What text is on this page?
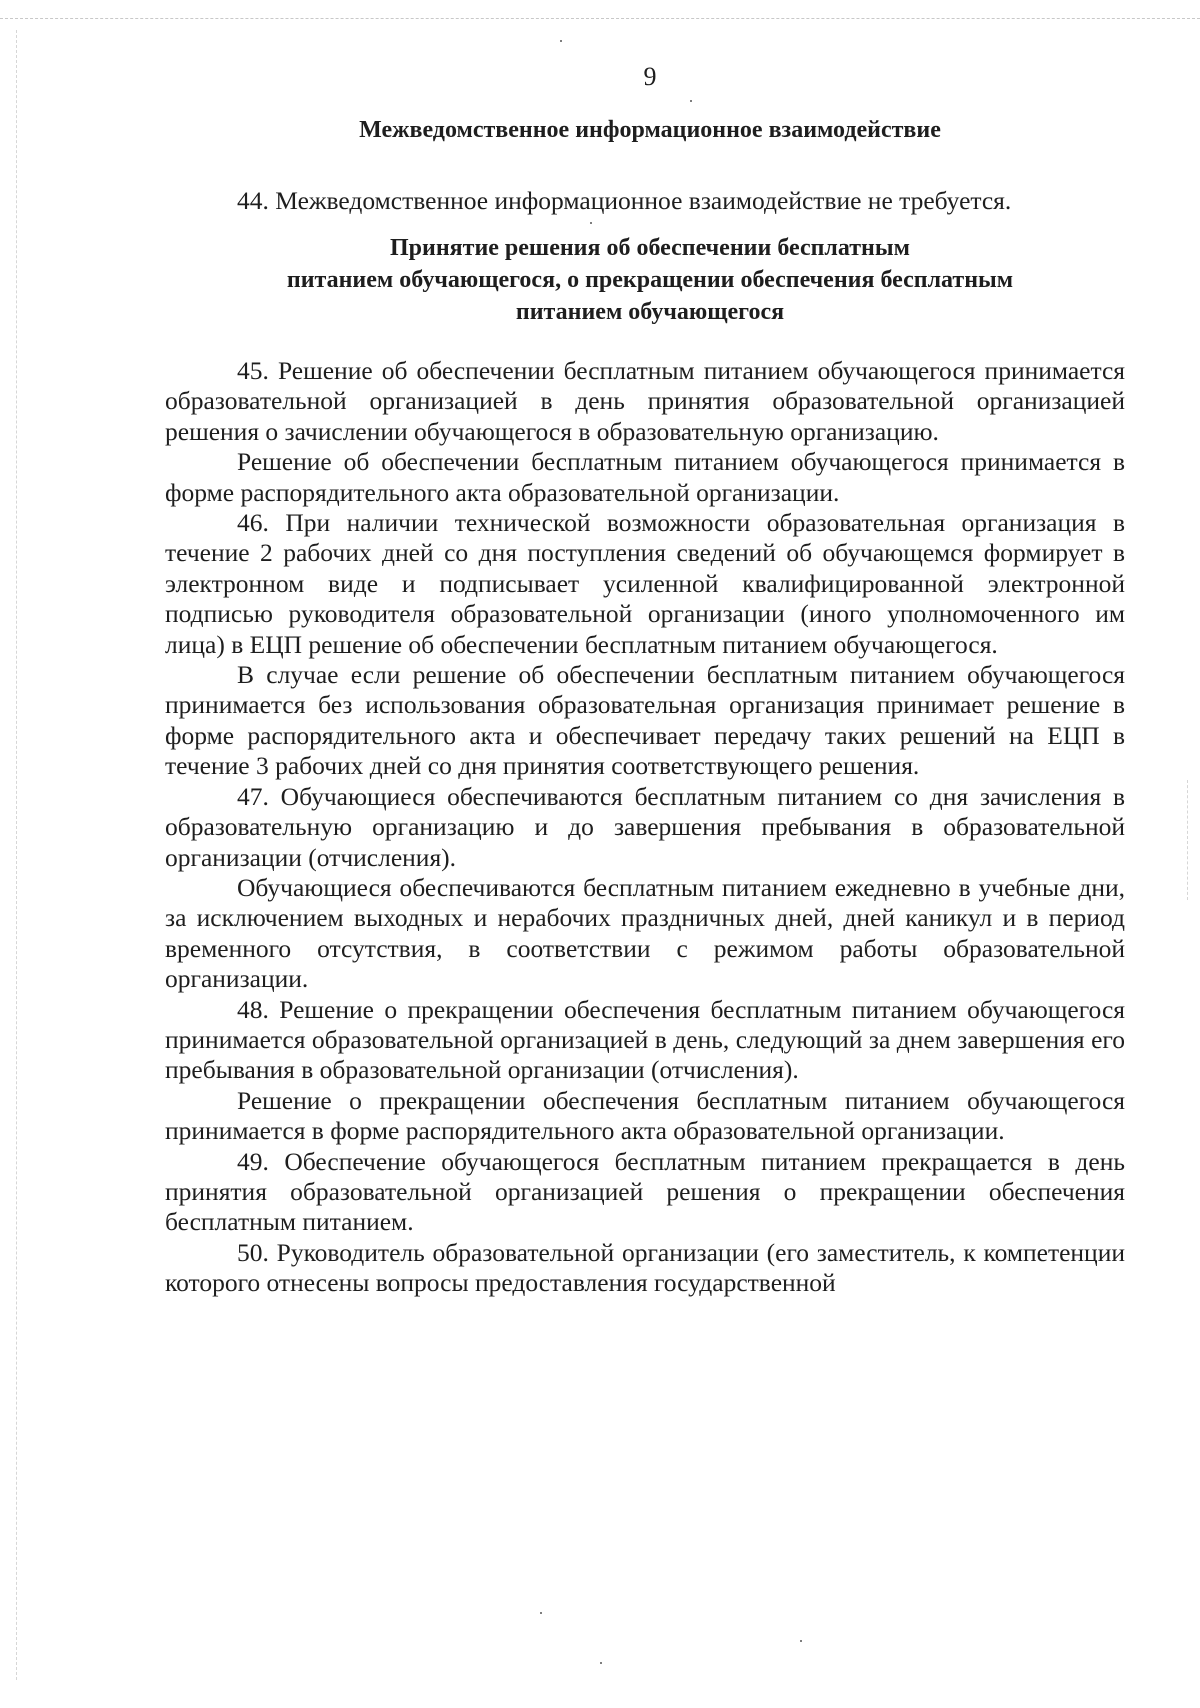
9
Межведомственное информационное взаимодействие

44. Межведомственное информационное взаимодействие не требуется.

Принятие решения об обеспечении бесплатным
питанием обучающегося, о прекращении обеспечения бесплатным
питанием обучающегося

45. Решение об обеспечении бесплатным питанием обучающегося принимается образовательной организацией в день принятия образовательной организацией решения о зачислении обучающегося в образовательную организацию.

Решение об обеспечении бесплатным питанием обучающегося принимается в форме распорядительного акта образовательной организации.

46. При наличии технической возможности образовательная организация в течение 2 рабочих дней со дня поступления сведений об обучающемся формирует в электронном виде и подписывает усиленной квалифицированной электронной подписью руководителя образовательной организации (иного уполномоченного им лица) в ЕЦП решение об обеспечении бесплатным питанием обучающегося.

В случае если решение об обеспечении бесплатным питанием обучающегося принимается без использования образовательная организация принимает решение в форме распорядительного акта и обеспечивает передачу таких решений на ЕЦП в течение 3 рабочих дней со дня принятия соответствующего решения.

47. Обучающиеся обеспечиваются бесплатным питанием со дня зачисления в образовательную организацию и до завершения пребывания в образовательной организации (отчисления).

Обучающиеся обеспечиваются бесплатным питанием ежедневно в учебные дни, за исключением выходных и нерабочих праздничных дней, дней каникул и в период временного отсутствия, в соответствии с режимом работы образовательной организации.

48. Решение о прекращении обеспечения бесплатным питанием обучающегося принимается образовательной организацией в день, следующий за днем завершения его пребывания в образовательной организации (отчисления).

Решение о прекращении обеспечения бесплатным питанием обучающегося принимается в форме распорядительного акта образовательной организации.

49. Обеспечение обучающегося бесплатным питанием прекращается в день принятия образовательной организацией решения о прекращении обеспечения бесплатным питанием.

50. Руководитель образовательной организации (его заместитель, к компетенции которого отнесены вопросы предоставления государственной
